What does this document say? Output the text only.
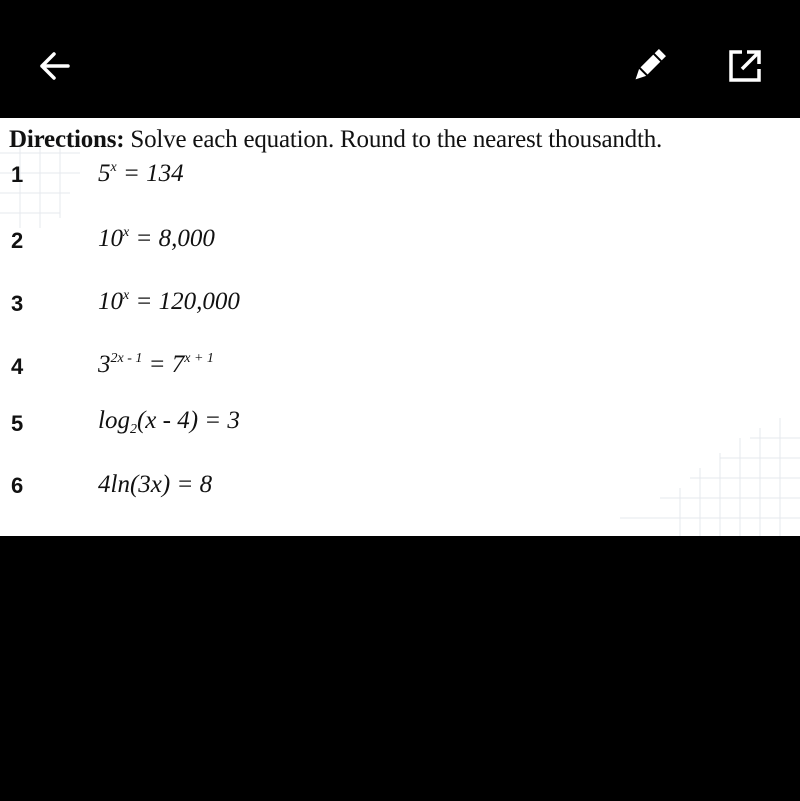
Directions: Solve each equation. Round to the nearest thousandth.
1	$5^x = 134$
2	$10^x = 8,000$
3	$10^x = 120,000$
4	$3^{2x - 1} = 7^{x + 1}$
5	$\log_2(x - 4) = 3$
6	4ln(3x) = 8
